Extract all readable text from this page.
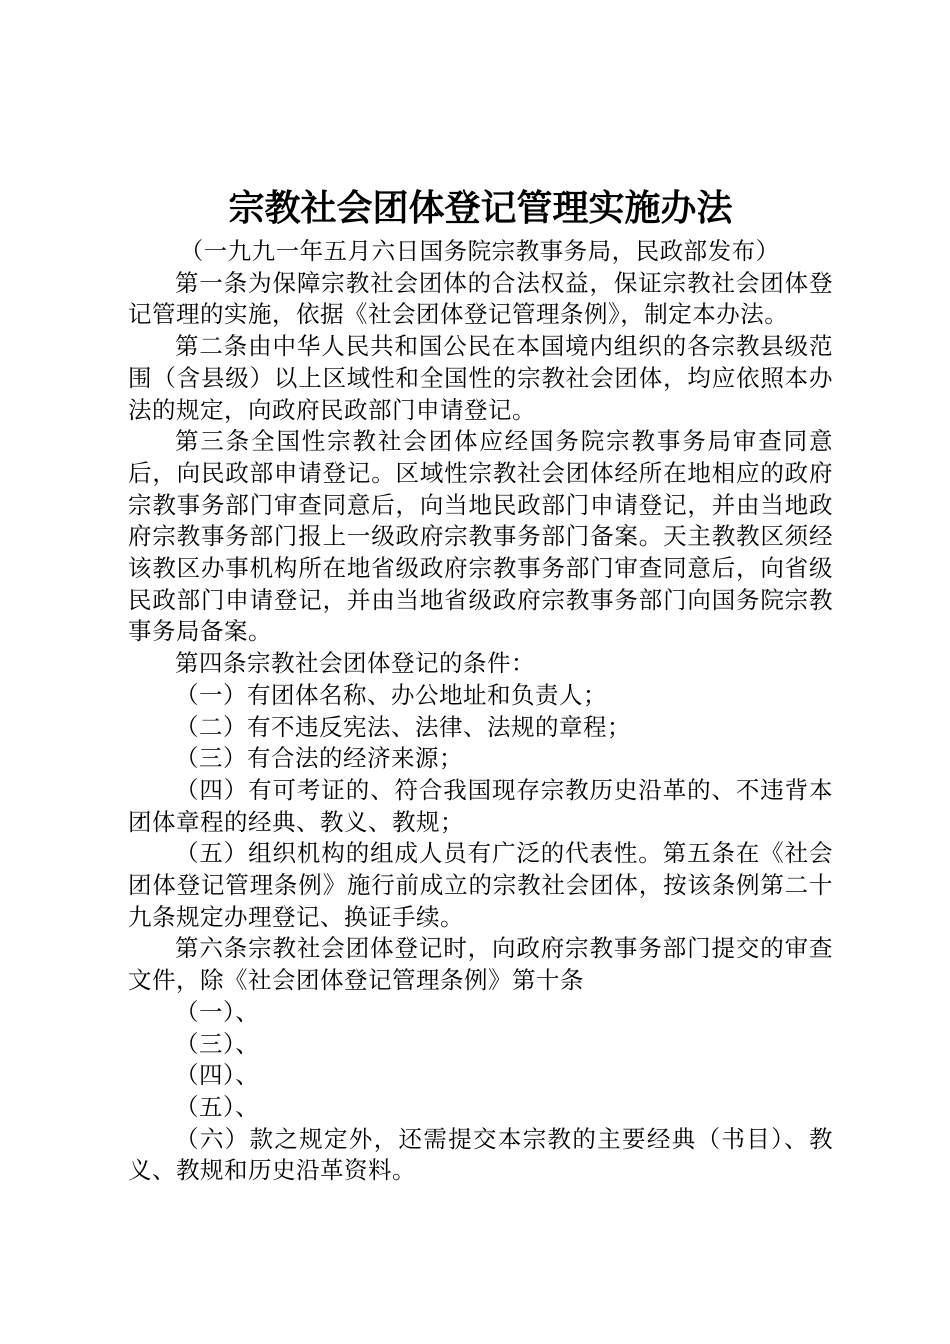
宗教社会团体登记管理实施办法

（一九九一年五月六日国务院宗教事务局，民政部发布）

第一条为保障宗教社会团体的合法权益，保证宗教社会团体登记管理的实施，依据《社会团体登记管理条例》，制定本办法。

第二条由中华人民共和国公民在本国境内组织的各宗教县级范围（含县级）以上区域性和全国性的宗教社会团体，均应依照本办法的规定，向政府民政部门申请登记。

第三条全国性宗教社会团体应经国务院宗教事务局审查同意后，向民政部申请登记。区域性宗教社会团体经所在地相应的政府宗教事务部门审查同意后，向当地民政部门申请登记，并由当地政府宗教事务部门报上一级政府宗教事务部门备案。天主教教区须经该教区办事机构所在地省级政府宗教事务部门审查同意后，向省级民政部门申请登记，并由当地省级政府宗教事务部门向国务院宗教事务局备案。

第四条宗教社会团体登记的条件：

（一）有团体名称、办公地址和负责人；

（二）有不违反宪法、法律、法规的章程；

（三）有合法的经济来源；

（四）有可考证的、符合我国现存宗教历史沿革的、不违背本团体章程的经典、教义、教规；

（五）组织机构的组成人员有广泛的代表性。第五条在《社会团体登记管理条例》施行前成立的宗教社会团体，按该条例第二十九条规定办理登记、换证手续。

第六条宗教社会团体登记时，向政府宗教事务部门提交的审查文件，除《社会团体登记管理条例》第十条

（一）、

（三）、

（四）、

（五）、

（六）款之规定外，还需提交本宗教的主要经典（书目）、教义、教规和历史沿革资料。
